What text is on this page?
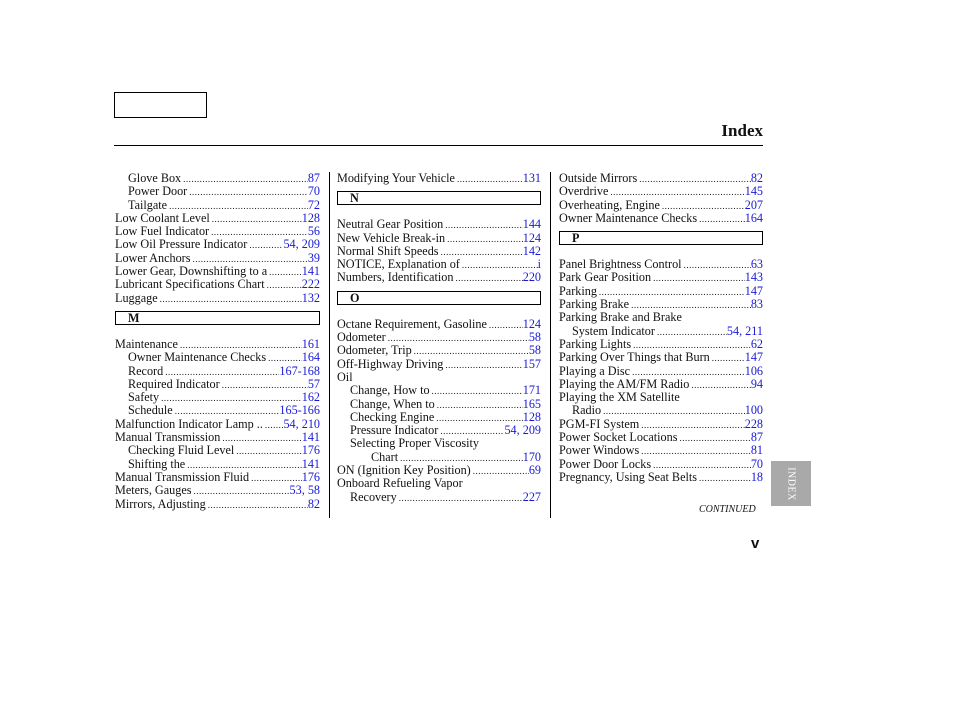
Index
Glove Box .....	87
Power Door .....	70
Tailgate .....	72
Low Coolant Level .....	128
Low Fuel Indicator .....	56
Low Oil Pressure Indicator .....	54, 209
Lower Anchors .....	39
Lower Gear, Downshifting to a .....	141
Lubricant Specifications Chart .....	222
Luggage .....	132
M
Maintenance .....	161
Owner Maintenance Checks .....	164
Record .....	167-168
Required Indicator .....	57
Safety .....	162
Schedule .....	165-166
Malfunction Indicator Lamp .. ..... 54, 210
Manual Transmission .....	141
Checking Fluid Level .....	176
Shifting the .....	141
Manual Transmission Fluid .....	176
Meters, Gauges .....	53, 58
Mirrors, Adjusting .....	82
Modifying Your Vehicle .....	131
N
Neutral Gear Position .....	144
New Vehicle Break-in .....	124
Normal Shift Speeds .....	142
NOTICE, Explanation of .....	i
Numbers, Identification .....	220
O
Octane Requirement, Gasoline .....	124
Odometer .....	58
Odometer, Trip .....	58
Off-Highway Driving .....	157
Oil
Change, How to .....	171
Change, When to .....	165
Checking Engine .....	128
Pressure Indicator .....	54, 209
Selecting Proper Viscosity
Chart .....	170
ON (Ignition Key Position) .....	69
Onboard Refueling Vapor
Recovery .....	227
Outside Mirrors .....	82
Overdrive .....	145
Overheating, Engine .....	207
Owner Maintenance Checks .....	164
P
Panel Brightness Control .....	63
Park Gear Position .....	143
Parking .....	147
Parking Brake .....	83
Parking Brake and Brake
System Indicator .....	54, 211
Parking Lights .....	62
Parking Over Things that Burn .....	147
Playing a Disc .....	106
Playing the AM/FM Radio .....	94
Playing the XM Satellite
Radio .....	100
PGM-FI System .....	228
Power Socket Locations .....	87
Power Windows .....	81
Power Door Locks .....	70
Pregnancy, Using Seat Belts .....	18
CONTINUED
v
INDEX
